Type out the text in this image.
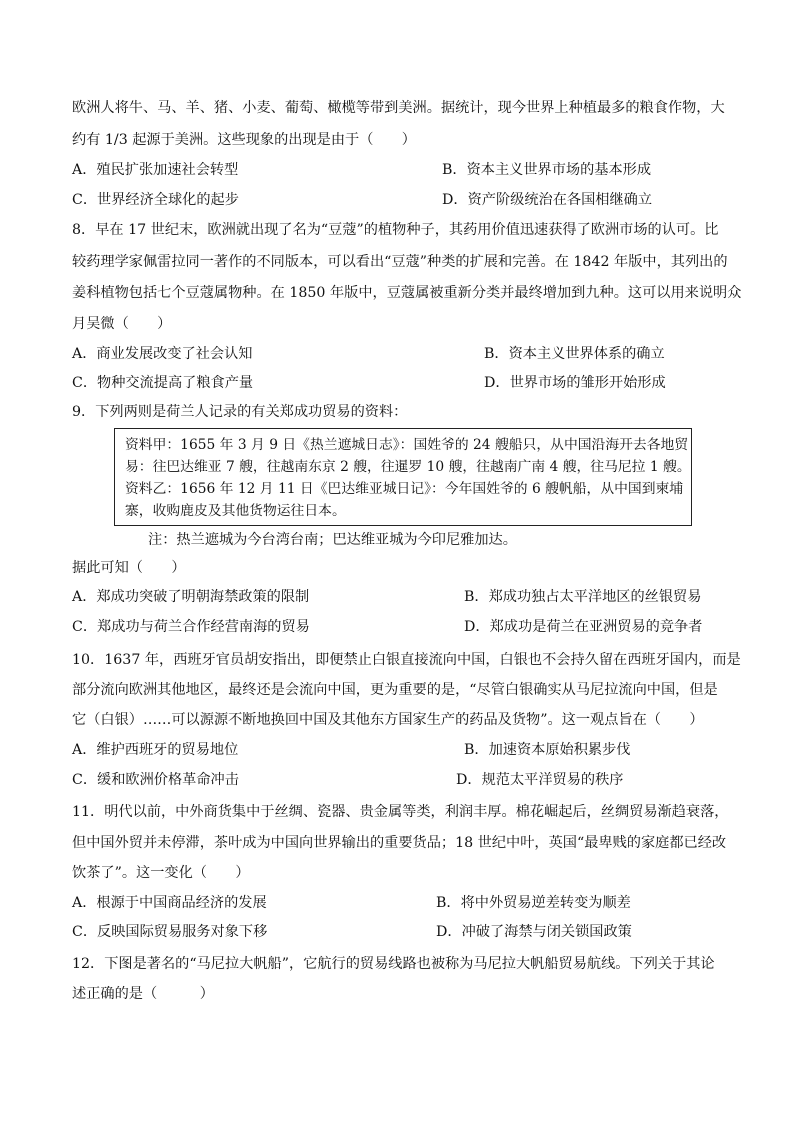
欧洲人将牛、马、羊、猪、小麦、葡萄、橄榄等带到美洲。据统计，现今世界上种植最多的粮食作物，大
约有 1/3 起源于美洲。这些现象的出现是由于（　　）
A．殖民扩张加速社会转型	B．资本主义世界市场的基本形成
C．世界经济全球化的起步	D．资产阶级统治在各国相继确立
8．早在 17 世纪末，欧洲就出现了名为“豆蔻”的植物种子，其药用价值迅速获得了欧洲市场的认可。比
较药理学家佩雷拉同一著作的不同版本，可以看出“豆蔻”种类的扩展和完善。在 1842 年版中，其列出的
姜科植物包括七个豆蔻属物种。在 1850 年版中，豆蔻属被重新分类并最终增加到九种。这可以用来说明众
月吴微（　　）
A．商业发展改变了社会认知	B．资本主义世界体系的确立
C．物种交流提高了粮食产量	D．世界市场的雏形开始形成
9．下列两则是荷兰人记录的有关郑成功贸易的资料：
资料甲：1655 年 3 月 9 日《热兰遮城日志》：国姓爷的 24 艘船只，从中国沿海开去各地贸
易：往巴达维亚 7 艘，往越南东京 2 艘，往暹罗 10 艘，往越南广南 4 艘，往马尼拉 1 艘。
资料乙：1656 年 12 月 11 日《巴达维亚城日记》：今年国姓爷的 6 艘帆船，从中国到柬埔
寨，收购鹿皮及其他货物运往日本。
注：热兰遮城为今台湾台南；巴达维亚城为今印尼雅加达。
据此可知（　　）
A．郑成功突破了明朝海禁政策的限制	B．郑成功独占太平洋地区的丝银贸易
C．郑成功与荷兰合作经营南海的贸易	D．郑成功是荷兰在亚洲贸易的竞争者
10．1637 年，西班牙官员胡安指出，即便禁止白银直接流向中国，白银也不会持久留在西班牙国内，而是
部分流向欧洲其他地区，最终还是会流向中国，更为重要的是，“尽管白银确实从马尼拉流向中国，但是
它（白银）……可以源源不断地换回中国及其他东方国家生产的药品及货物”。这一观点旨在（　　）
A．维护西班牙的贸易地位	B．加速资本原始积累步伐
C．缓和欧洲价格革命冲击	D．规范太平洋贸易的秩序
11．明代以前，中外商货集中于丝绸、瓷器、贵金属等类，利润丰厚。棉花崛起后，丝绸贸易渐趋衰落，
但中国外贸并未停滞，茶叶成为中国向世界输出的重要货品；18 世纪中叶，英国“最卑贱的家庭都已经改
饮茶了”。这一变化（　　）
A．根源于中国商品经济的发展	B．将中外贸易逆差转变为顺差
C．反映国际贸易服务对象下移	D．冲破了海禁与闭关锁国政策
12．下图是著名的“马尼拉大帆船”，它航行的贸易线路也被称为马尼拉大帆船贸易航线。下列关于其论
述正确的是（　　　）
